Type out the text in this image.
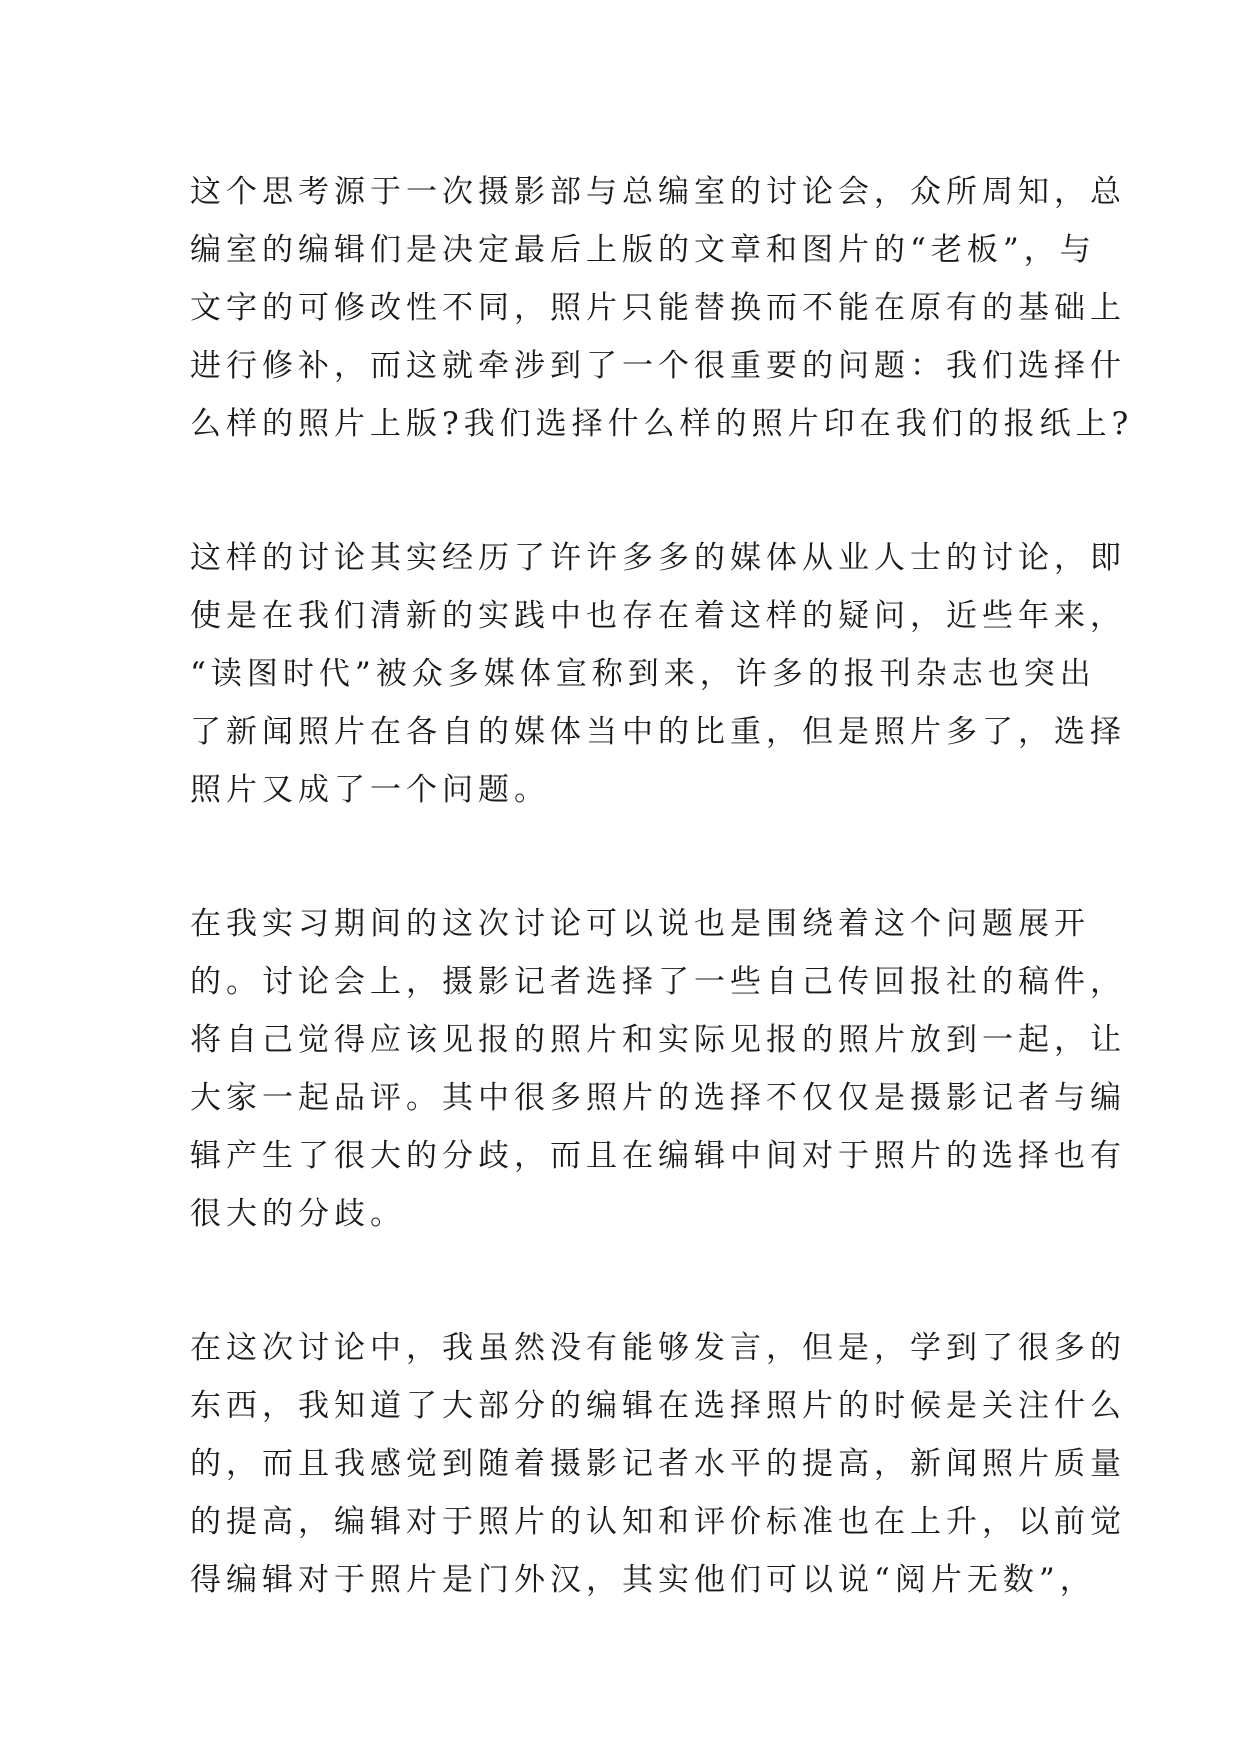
这个思考源于一次摄影部与总编室的讨论会，众所周知，总
编室的编辑们是决定最后上版的文章和图片的“老板”，与
文字的可修改性不同，照片只能替换而不能在原有的基础上
进行修补，而这就牵涉到了一个很重要的问题：我们选择什
么样的照片上版?我们选择什么样的照片印在我们的报纸上?

这样的讨论其实经历了许许多多的媒体从业人士的讨论，即
使是在我们清新的实践中也存在着这样的疑问，近些年来，
“读图时代”被众多媒体宣称到来，许多的报刊杂志也突出
了新闻照片在各自的媒体当中的比重，但是照片多了，选择
照片又成了一个问题。

在我实习期间的这次讨论可以说也是围绕着这个问题展开
的。讨论会上，摄影记者选择了一些自己传回报社的稿件，
将自己觉得应该见报的照片和实际见报的照片放到一起，让
大家一起品评。其中很多照片的选择不仅仅是摄影记者与编
辑产生了很大的分歧，而且在编辑中间对于照片的选择也有
很大的分歧。

在这次讨论中，我虽然没有能够发言，但是，学到了很多的
东西，我知道了大部分的编辑在选择照片的时候是关注什么
的，而且我感觉到随着摄影记者水平的提高，新闻照片质量
的提高，编辑对于照片的认知和评价标准也在上升，以前觉
得编辑对于照片是门外汉，其实他们可以说“阅片无数”，
